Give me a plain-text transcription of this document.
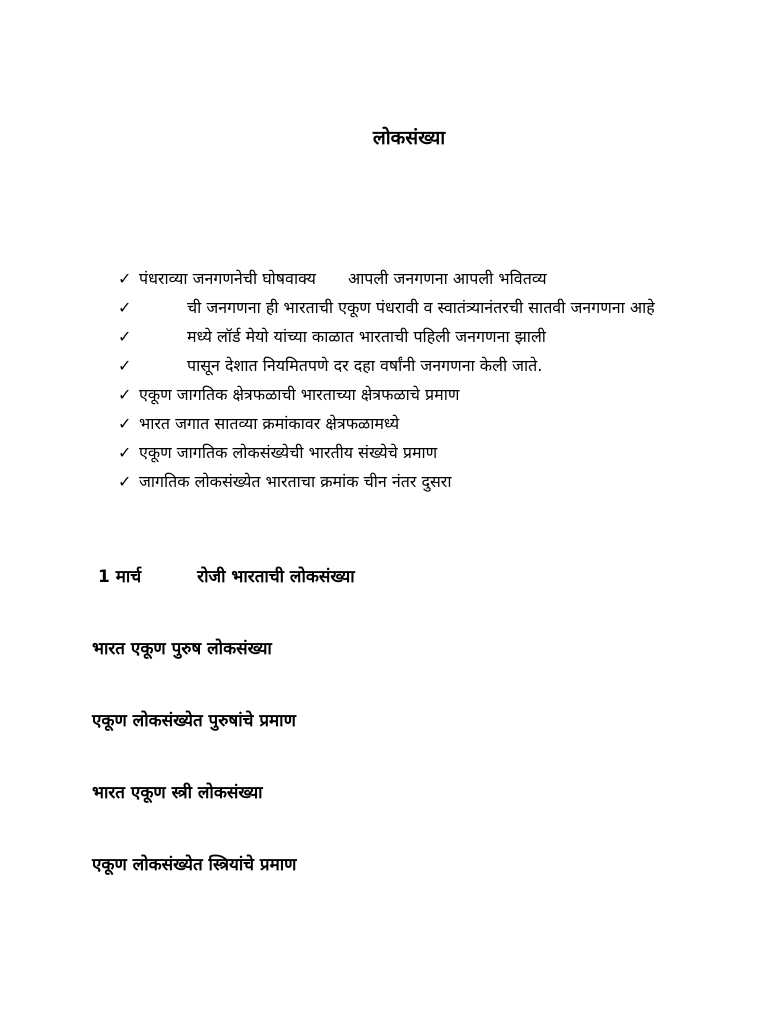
लोकसंख्या
✓ पंधराव्या जनगणनेची घोषवाक्य आपली जनगणना आपली भवितव्य
✓	ची जनगणना ही भारताची एकूण पंधरावी व स्वातंत्र्यानंतरची सातवी जनगणना आहे
✓	मध्ये लॉर्ड मेयो यांच्या काळात भारताची पहिली जनगणना झाली
✓	पासून देशात नियमितपणे दर दहा वर्षांनी जनगणना केली जाते.
✓ एकूण जागतिक क्षेत्रफळाची भारताच्या क्षेत्रफळाचे प्रमाण
✓ भारत जगात सातव्या क्रमांकावर क्षेत्रफळामध्ये
✓ एकूण जागतिक लोकसंख्येची भारतीय संख्येचे प्रमाण
✓ जागतिक लोकसंख्येत भारताचा क्रमांक चीन नंतर दुसरा

1 मार्च	रोजी भारताची लोकसंख्या

भारत एकूण पुरुष लोकसंख्या

एकूण लोकसंख्येत पुरुषांचे प्रमाण

भारत एकूण स्त्री लोकसंख्या

एकूण लोकसंख्येत स्त्रियांचे प्रमाण
